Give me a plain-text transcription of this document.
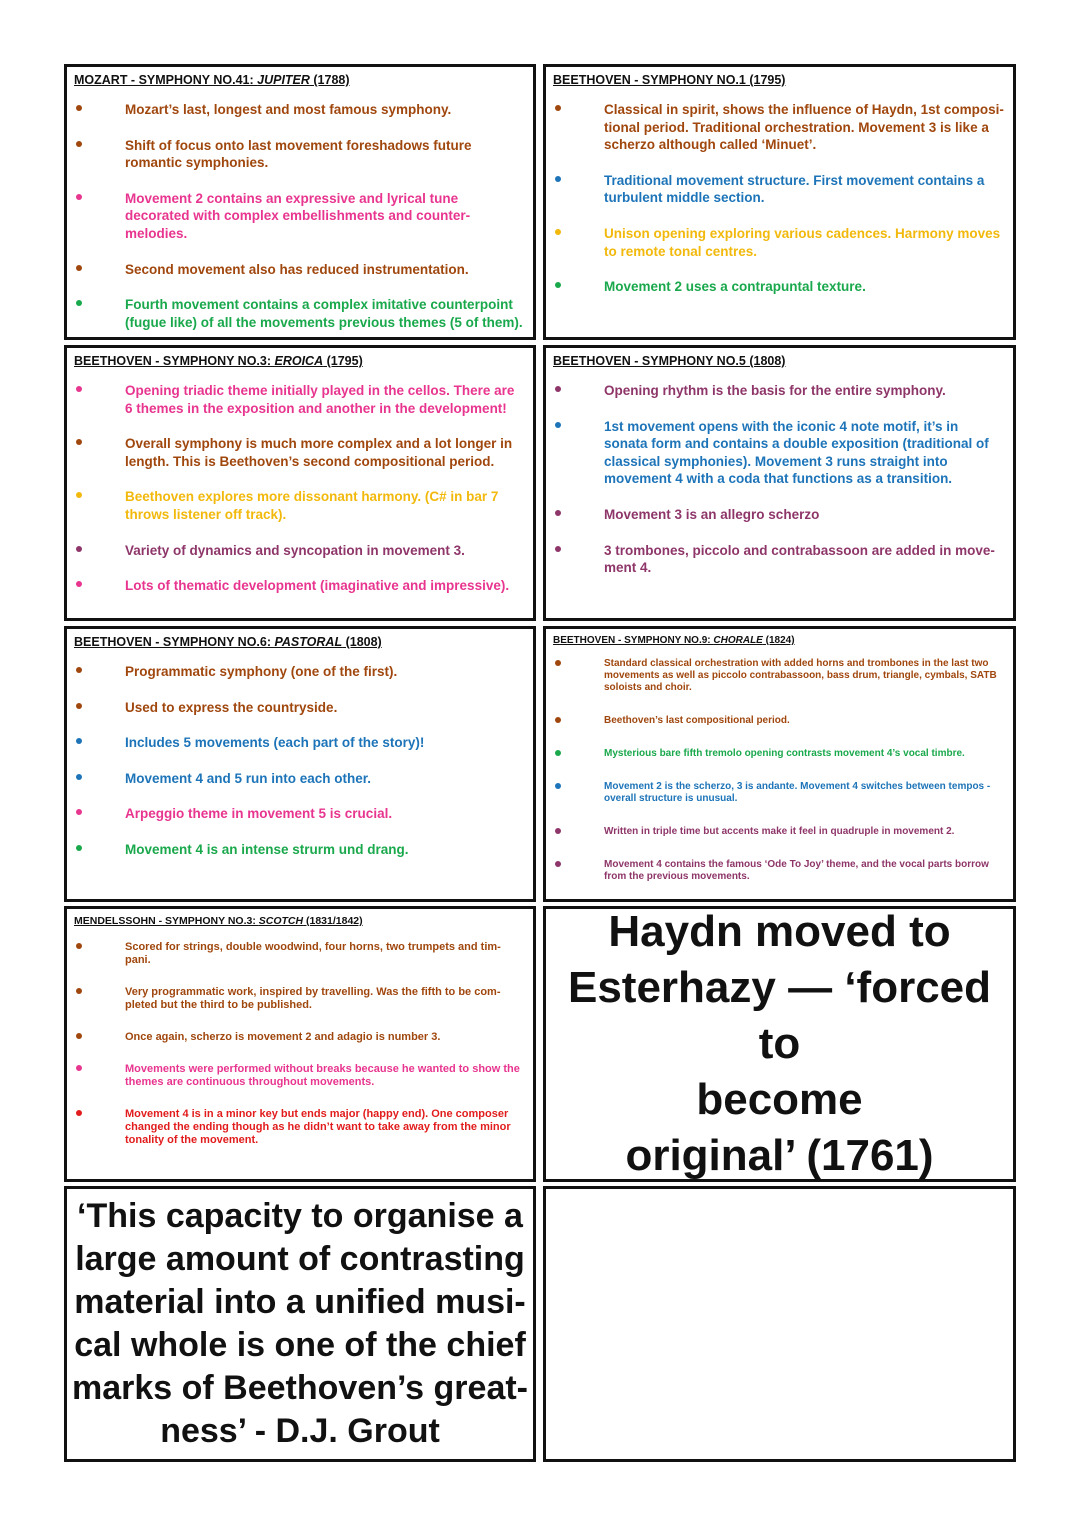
MOZART - SYMPHONY NO.41: JUPITER (1788)
Mozart’s last, longest and most famous symphony.
Shift of focus onto last movement foreshadows future romantic symphonies.
Movement 2 contains an expressive and lyrical tune decorated with complex embellishments and counter-melodies.
Second movement also has reduced instrumentation.
Fourth movement contains a complex imitative counterpoint (fugue like) of all the movements previous themes (5 of them).
BEETHOVEN - SYMPHONY NO.1 (1795)
Classical in spirit, shows the influence of Haydn, 1st composi-tional period. Traditional orchestration. Movement 3 is like a scherzo although called ‘Minuet’.
Traditional movement structure. First movement contains a turbulent middle section.
Unison opening exploring various cadences. Harmony moves to remote tonal centres.
Movement 2 uses a contrapuntal texture.
BEETHOVEN - SYMPHONY NO.3: EROICA (1795)
Opening triadic theme initially played in the cellos. There are 6 themes in the exposition and another in the development!
Overall symphony is much more complex and a lot longer in length. This is Beethoven’s second compositional period.
Beethoven explores more dissonant harmony. (C# in bar 7 throws listener off track).
Variety of dynamics and syncopation in movement 3.
Lots of thematic development (imaginative and impressive).
BEETHOVEN - SYMPHONY NO.5 (1808)
Opening rhythm is the basis for the entire symphony.
1st movement opens with the iconic 4 note motif, it’s in sonata form and contains a double exposition (traditional of classical symphonies). Movement 3 runs straight into movement 4 with a coda that functions as a transition.
Movement 3 is an allegro scherzo
3 trombones, piccolo and contrabassoon are added in move-ment 4.
BEETHOVEN - SYMPHONY NO.6: PASTORAL (1808)
Programmatic symphony (one of the first).
Used to express the countryside.
Includes 5 movements (each part of the story)!
Movement 4 and 5 run into each other.
Arpeggio theme in movement 5 is crucial.
Movement 4 is an intense strurm und drang.
BEETHOVEN - SYMPHONY NO.9: CHORALE (1824)
Standard classical orchestration with added horns and trombones in the last two movements as well as piccolo contrabassoon, bass drum, triangle, cymbals, SATB soloists and choir.
Beethoven’s last compositional period.
Mysterious bare fifth tremolo opening contrasts movement 4’s vocal timbre.
Movement 2 is the scherzo, 3 is andante. Movement 4 switches between tempos - overall structure is unusual.
Written in triple time but accents make it feel in quadruple in movement 2.
Movement 4 contains the famous ‘Ode To Joy’ theme, and the vocal parts borrow from the previous movements.
MENDELSSOHN - SYMPHONY NO.3: SCOTCH (1831/1842)
Scored for strings, double woodwind, four horns, two trumpets and tim-pani.
Very programmatic work, inspired by travelling. Was the fifth to be com-pleted but the third to be published.
Once again, scherzo is movement 2 and adagio is number 3.
Movements were performed without breaks because he wanted to show the themes are continuous throughout movements.
Movement 4 is in a minor key but ends major (happy end). One composer changed the ending though as he didn’t want to take away from the minor tonality of the movement.
Haydn moved to
Esterhazy — ‘forced to
become
original’ (1761)
‘This capacity to organise a
large amount of contrasting
material into a unified musi-
cal whole is one of the chief
marks of Beethoven’s great-
ness’ - D.J. Grout
